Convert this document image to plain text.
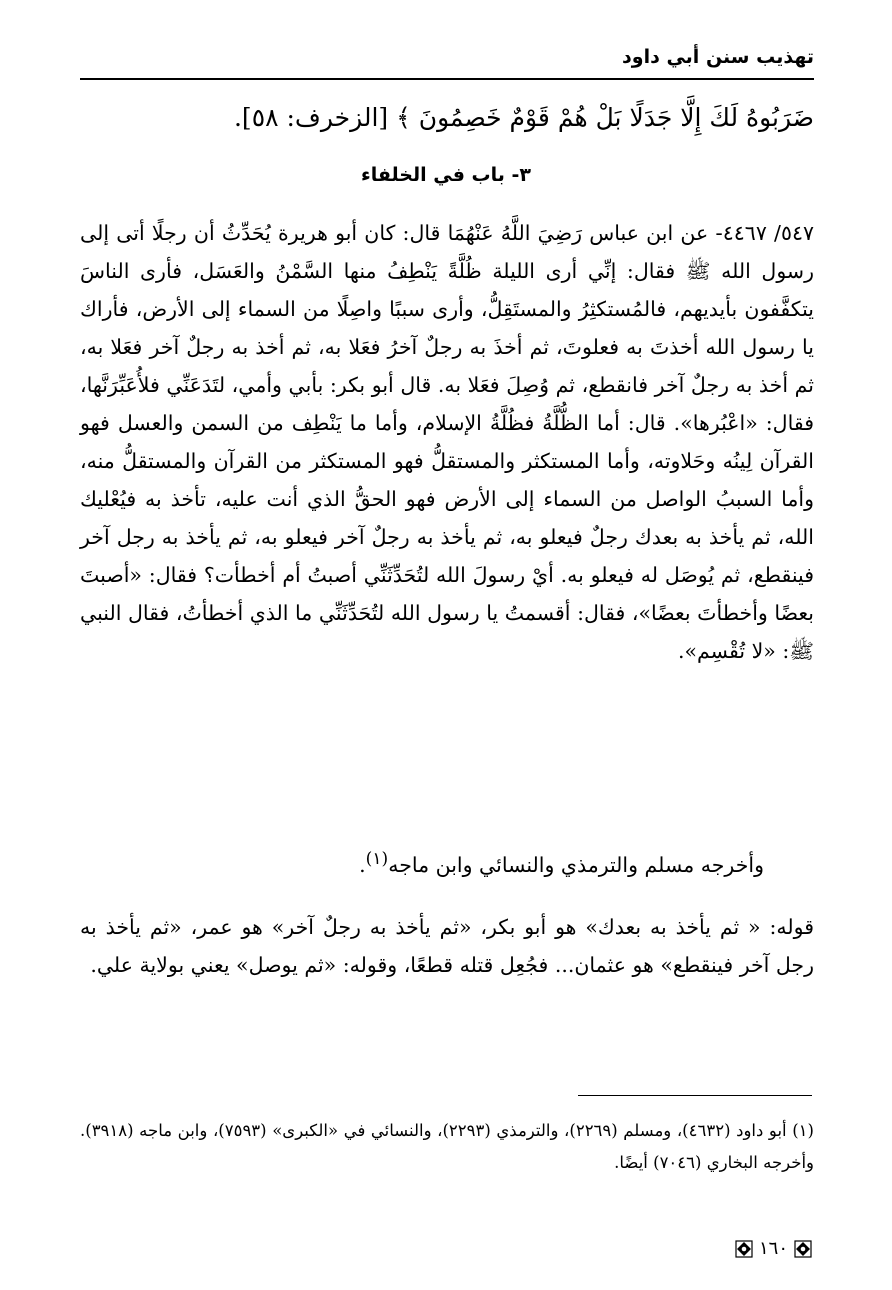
تهذيب سنن أبي داود
ضَرَبُوهُ لَكَ إِلَّا جَدَلًا بَلْ هُمْ قَوْمٌ خَصِمُونَ ﴾ [الزخرف: ٥٨].
٣- باب في الخلفاء

٥٤٧/ ٤٤٦٧- عن ابن عباس رَضِيَ اللَّهُ عَنْهُمَا قال: كان أبو هريرة يُحَدِّثُ أن رجلًا أتى إلى رسول الله ﷺ فقال: إنِّي أرى الليلة ظُلَّةً يَنْطِفُ منها السَّمْنُ والعَسَل، فأرى الناسَ يتكفَّفون بأيديهم، فالمُستكثِرُ والمستَقِلُّ، وأرى سببًا واصِلًا من السماء إلى الأرض، فأراك يا رسول الله أخذتَ به فعلوتَ، ثم أخذَ به رجلٌ آخرُ فعَلا به، ثم أخذ به رجلٌ آخر فعَلا به، ثم أخذ به رجلٌ آخر فانقطع، ثم وُصِلَ فعَلا به. قال أبو بكر: بأبي وأمي، لتَدَعَنِّي فلأُعَبِّرَنَّها، فقال: «اعْبُرها». قال: أما الظُّلَّةُ فظُلَّةُ الإسلام، وأما ما يَنْطِف من السمن والعسل فهو القرآن لِينُه وحَلاوته، وأما المستكثر والمستقلُّ فهو المستكثر من القرآن والمستقلُّ منه، وأما السببُ الواصل من السماء إلى الأرض فهو الحقُّ الذي أنت عليه، تأخذ به فيُعْليك الله، ثم يأخذ به بعدك رجلٌ فيعلو به، ثم يأخذ به رجلٌ آخر فيعلو به، ثم يأخذ به رجل آخر فينقطع، ثم يُوصَل له فيعلو به. أيْ رسولَ الله لتُحَدِّثَنِّي أصبتُ أم أخطأت؟ فقال: «أصبتَ بعضًا وأخطأتَ بعضًا»، فقال: أقسمتُ يا رسول الله لتُحَدِّثَنِّي ما الذي أخطأتُ، فقال النبي ﷺ: «لا تُقْسِم».

وأخرجه مسلم والترمذي والنسائي وابن ماجه$^{(١)}$.
قوله: « ثم يأخذ به بعدك» هو أبو بكر، «ثم يأخذ به رجلٌ آخر» هو عمر، «ثم يأخذ به رجل آخر فينقطع» هو عثمان... فجُعِل قتله قطعًا، وقوله: «ثم يوصل» يعني بولاية علي.
(١) أبو داود (٤٦٣٢)، ومسلم (٢٢٦٩)، والترمذي (٢٢٩٣)، والنسائي في «الكبرى» (٧٥٩٣)، وابن ماجه (٣٩١٨). وأخرجه البخاري (٧٠٤٦) أيضًا.
١٦٠
